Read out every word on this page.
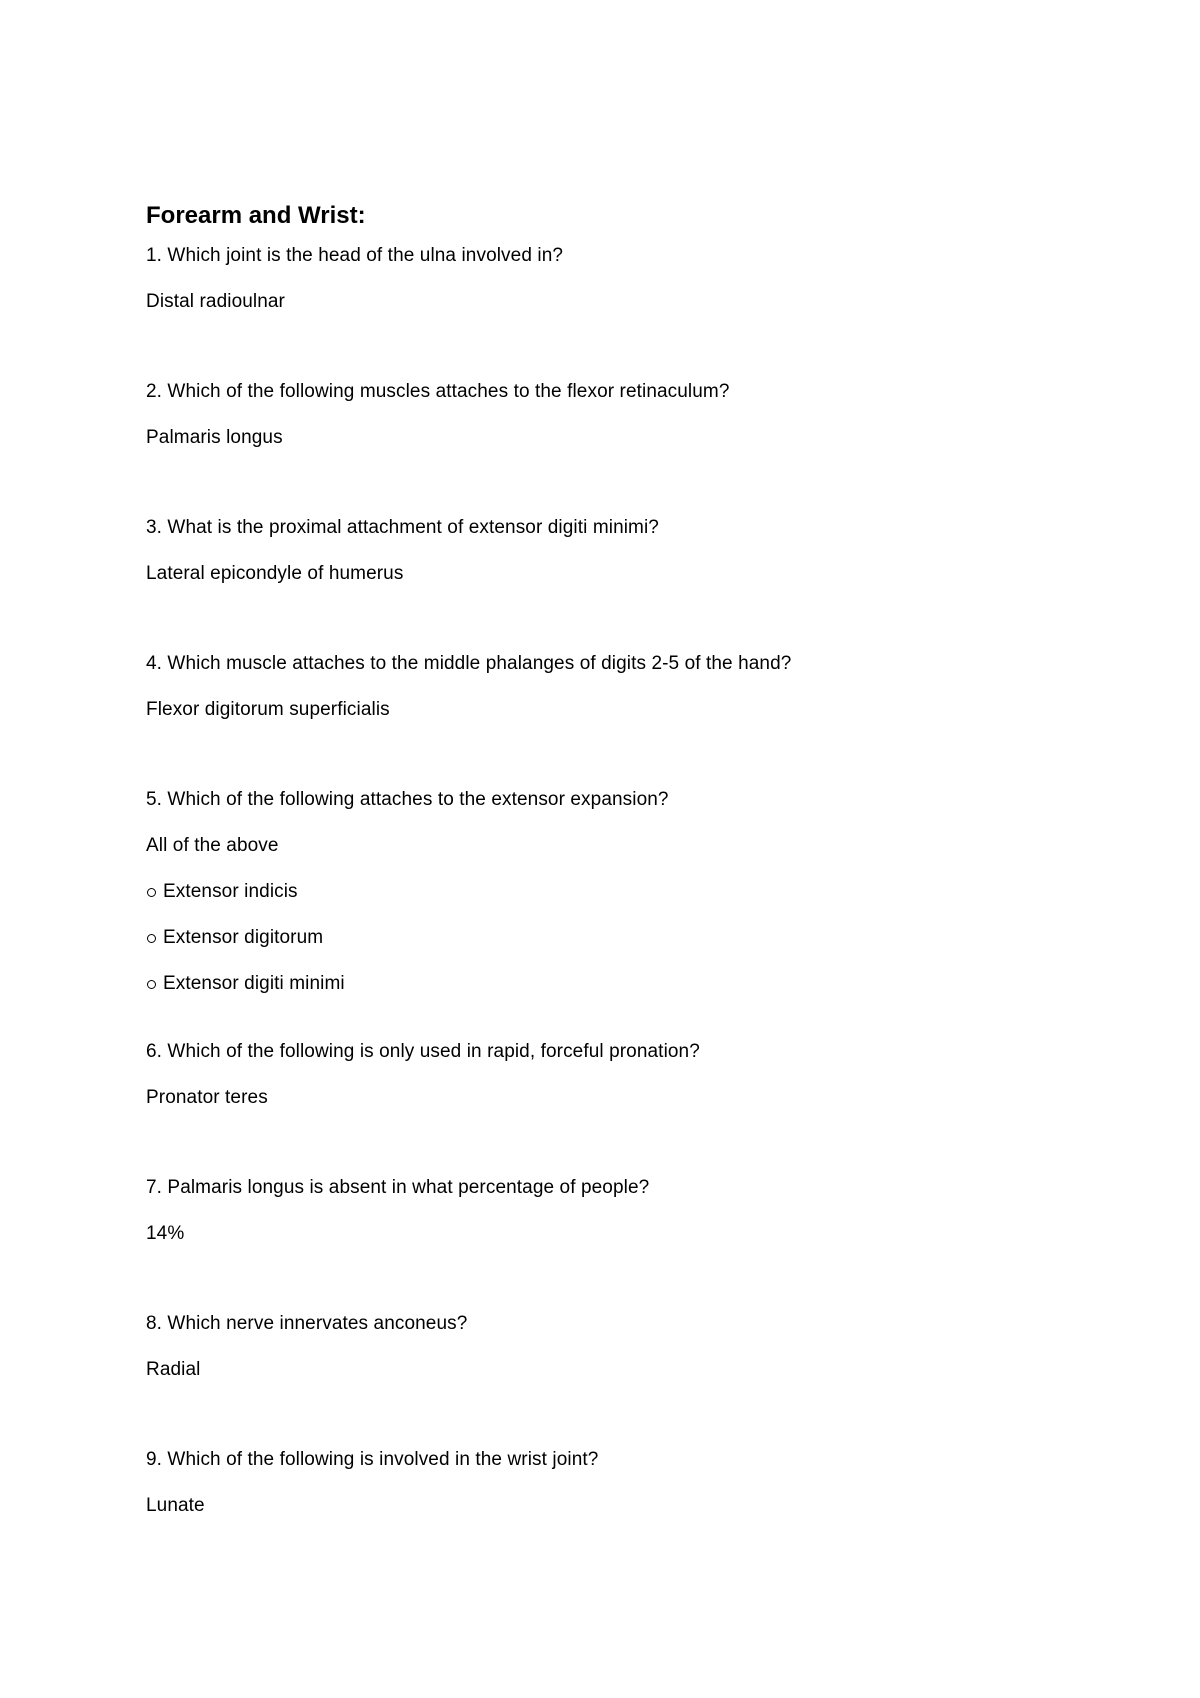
Forearm and Wrist:
1. Which joint is the head of the ulna involved in?
Distal radioulnar
2. Which of the following muscles attaches to the flexor retinaculum?
Palmaris longus
3. What is the proximal attachment of extensor digiti minimi?
Lateral epicondyle of humerus
4. Which muscle attaches to the middle phalanges of digits 2-5 of the hand?
Flexor digitorum superficialis
5. Which of the following attaches to the extensor expansion?
All of the above
Extensor indicis
Extensor digitorum
Extensor digiti minimi
6. Which of the following is only used in rapid, forceful pronation?
Pronator teres
7. Palmaris longus is absent in what percentage of people?
14%
8. Which nerve innervates anconeus?
Radial
9. Which of the following is involved in the wrist joint?
Lunate
